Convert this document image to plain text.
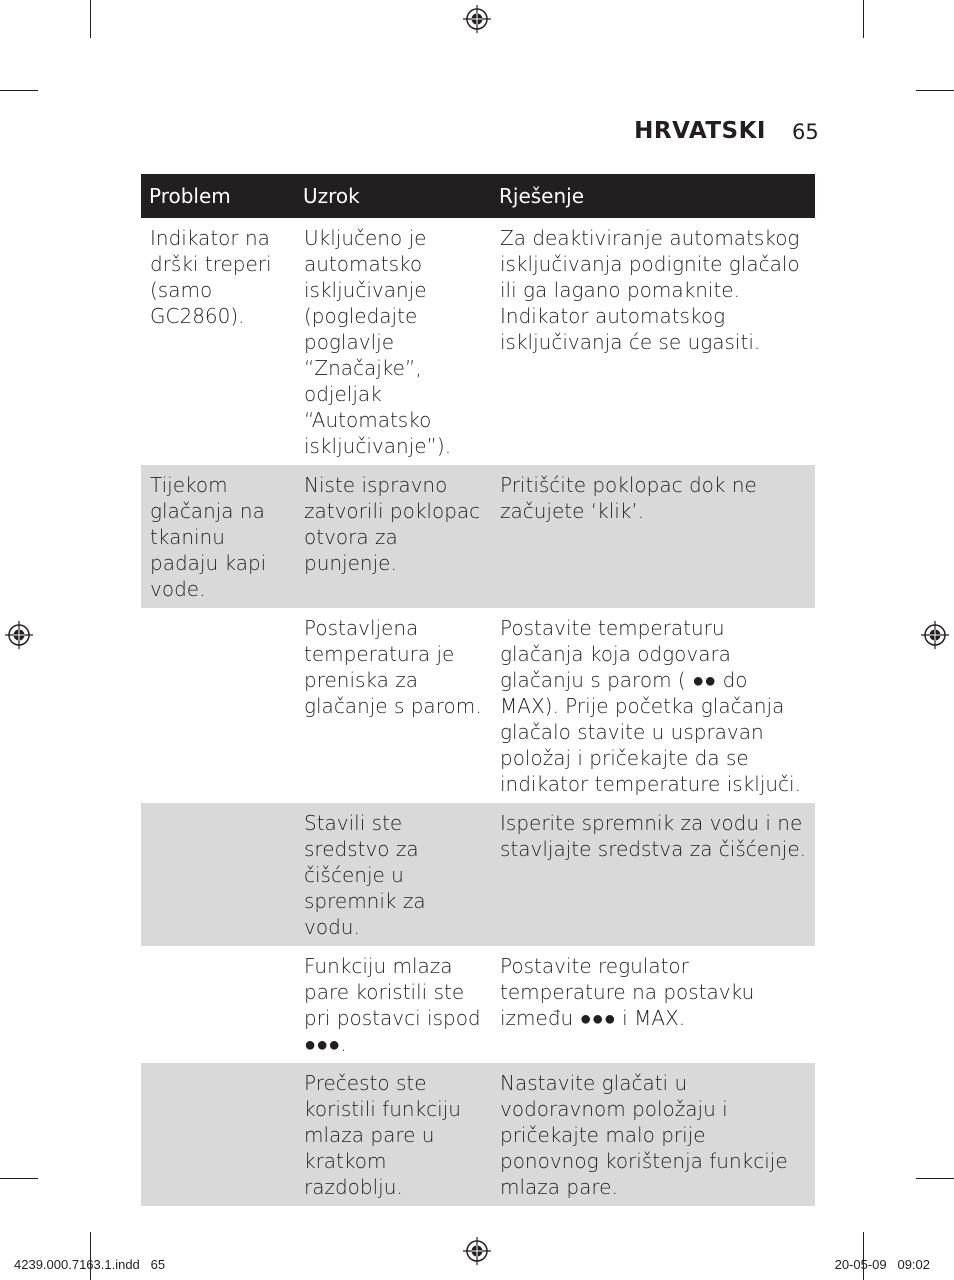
HRVATSKI 65
Problem	Uzrok	Rješenje
Indikator na drški treperi (samo GC2860).	Uključeno je automatsko isključivanje (pogledajte poglavlje “Značajke”, odjeljak “Automatsko isključivanje”).	Za deaktiviranje automatskog isključivanja podignite glačalo ili ga lagano pomaknite. Indikator automatskog isključivanja će se ugasiti.
Tijekom glačanja na tkaninu padaju kapi vode.	Niste ispravno zatvorili poklopac otvora za punjenje.	Pritišćite poklopac dok ne začujete ‘klik’.
	Postavljena temperatura je preniska za glačanje s parom.	Postavite temperaturu glačanja koja odgovara glačanju s parom ( ●● do MAX). Prije početka glačanja glačalo stavite u uspravan položaj i pričekajte da se indikator temperature isključi.
	Stavili ste sredstvo za čišćenje u spremnik za vodu.	Isperite spremnik za vodu i ne stavljajte sredstva za čišćenje.
	Funkciju mlaza pare koristili ste pri postavci ispod ●●●.	Postavite regulator temperature na postavku između ●●● i MAX.
	Prečesto ste koristili funkciju mlaza pare u kratkom razdoblju.	Nastavite glačati u vodoravnom položaju i pričekajte malo prije ponovnog korištenja funkcije mlaza pare.
4239.000.7163.1.indd   65	20-05-09   09:02
